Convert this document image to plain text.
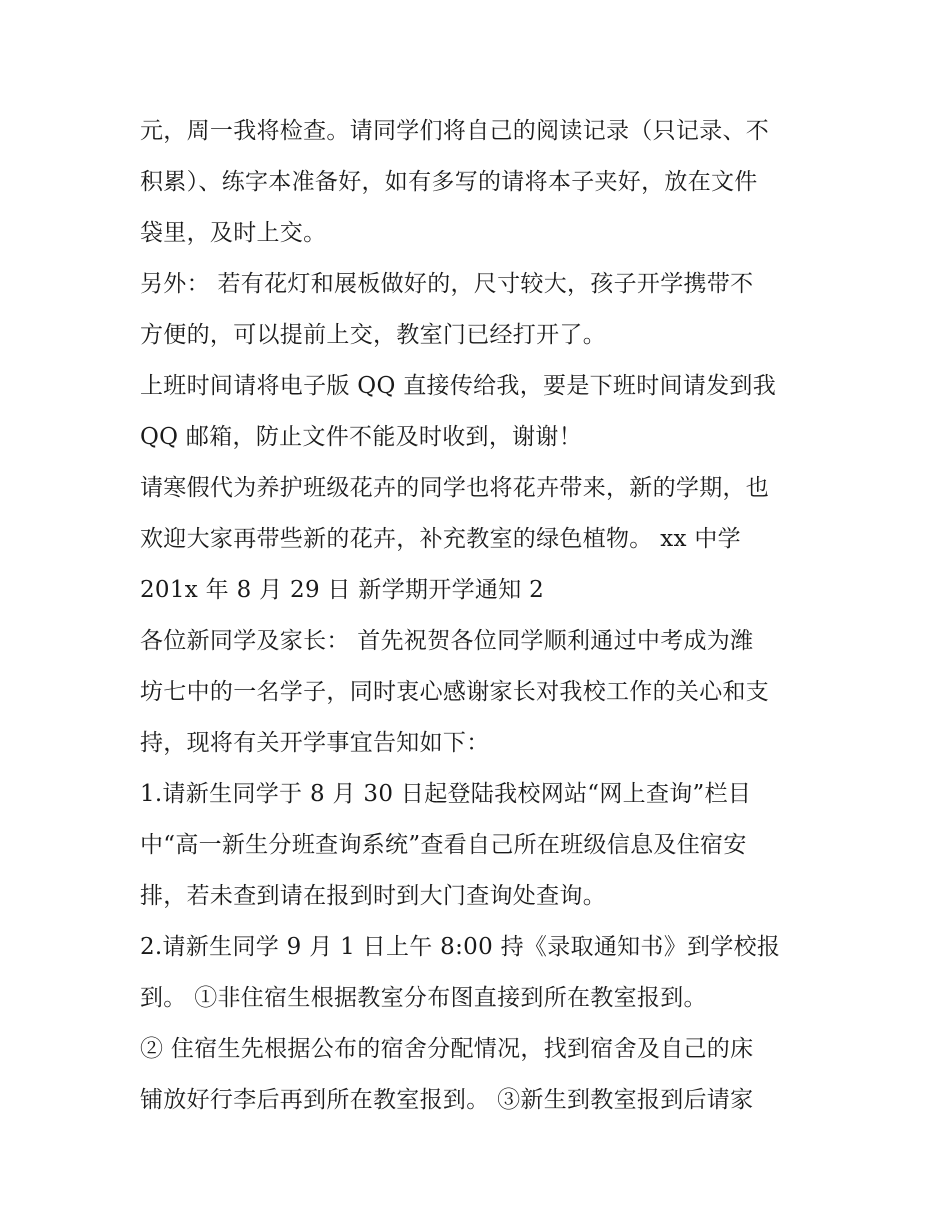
元，周一我将检查。请同学们将自己的阅读记录（只记录、不
积累）、练字本准备好，如有多写的请将本子夹好，放在文件
袋里，及时上交。
另外： 若有花灯和展板做好的，尺寸较大，孩子开学携带不
方便的，可以提前上交，教室门已经打开了。
上班时间请将电子版 QQ 直接传给我，要是下班时间请发到我
QQ 邮箱，防止文件不能及时收到，谢谢！
请寒假代为养护班级花卉的同学也将花卉带来，新的学期，也
欢迎大家再带些新的花卉，补充教室的绿色植物。 xx 中学
201x 年 8 月 29 日 新学期开学通知 2
各位新同学及家长： 首先祝贺各位同学顺利通过中考成为潍
坊七中的一名学子，同时衷心感谢家长对我校工作的关心和支
持，现将有关开学事宜告知如下：
1.请新生同学于 8 月 30 日起登陆我校网站“网上查询”栏目
中“高一新生分班查询系统”查看自己所在班级信息及住宿安
排，若未查到请在报到时到大门查询处查询。
2.请新生同学 9 月 1 日上午 8:00 持《录取通知书》到学校报
到。 ①非住宿生根据教室分布图直接到所在教室报到。
② 住宿生先根据公布的宿舍分配情况，找到宿舍及自己的床
铺放好行李后再到所在教室报到。 ③新生到教室报到后请家
